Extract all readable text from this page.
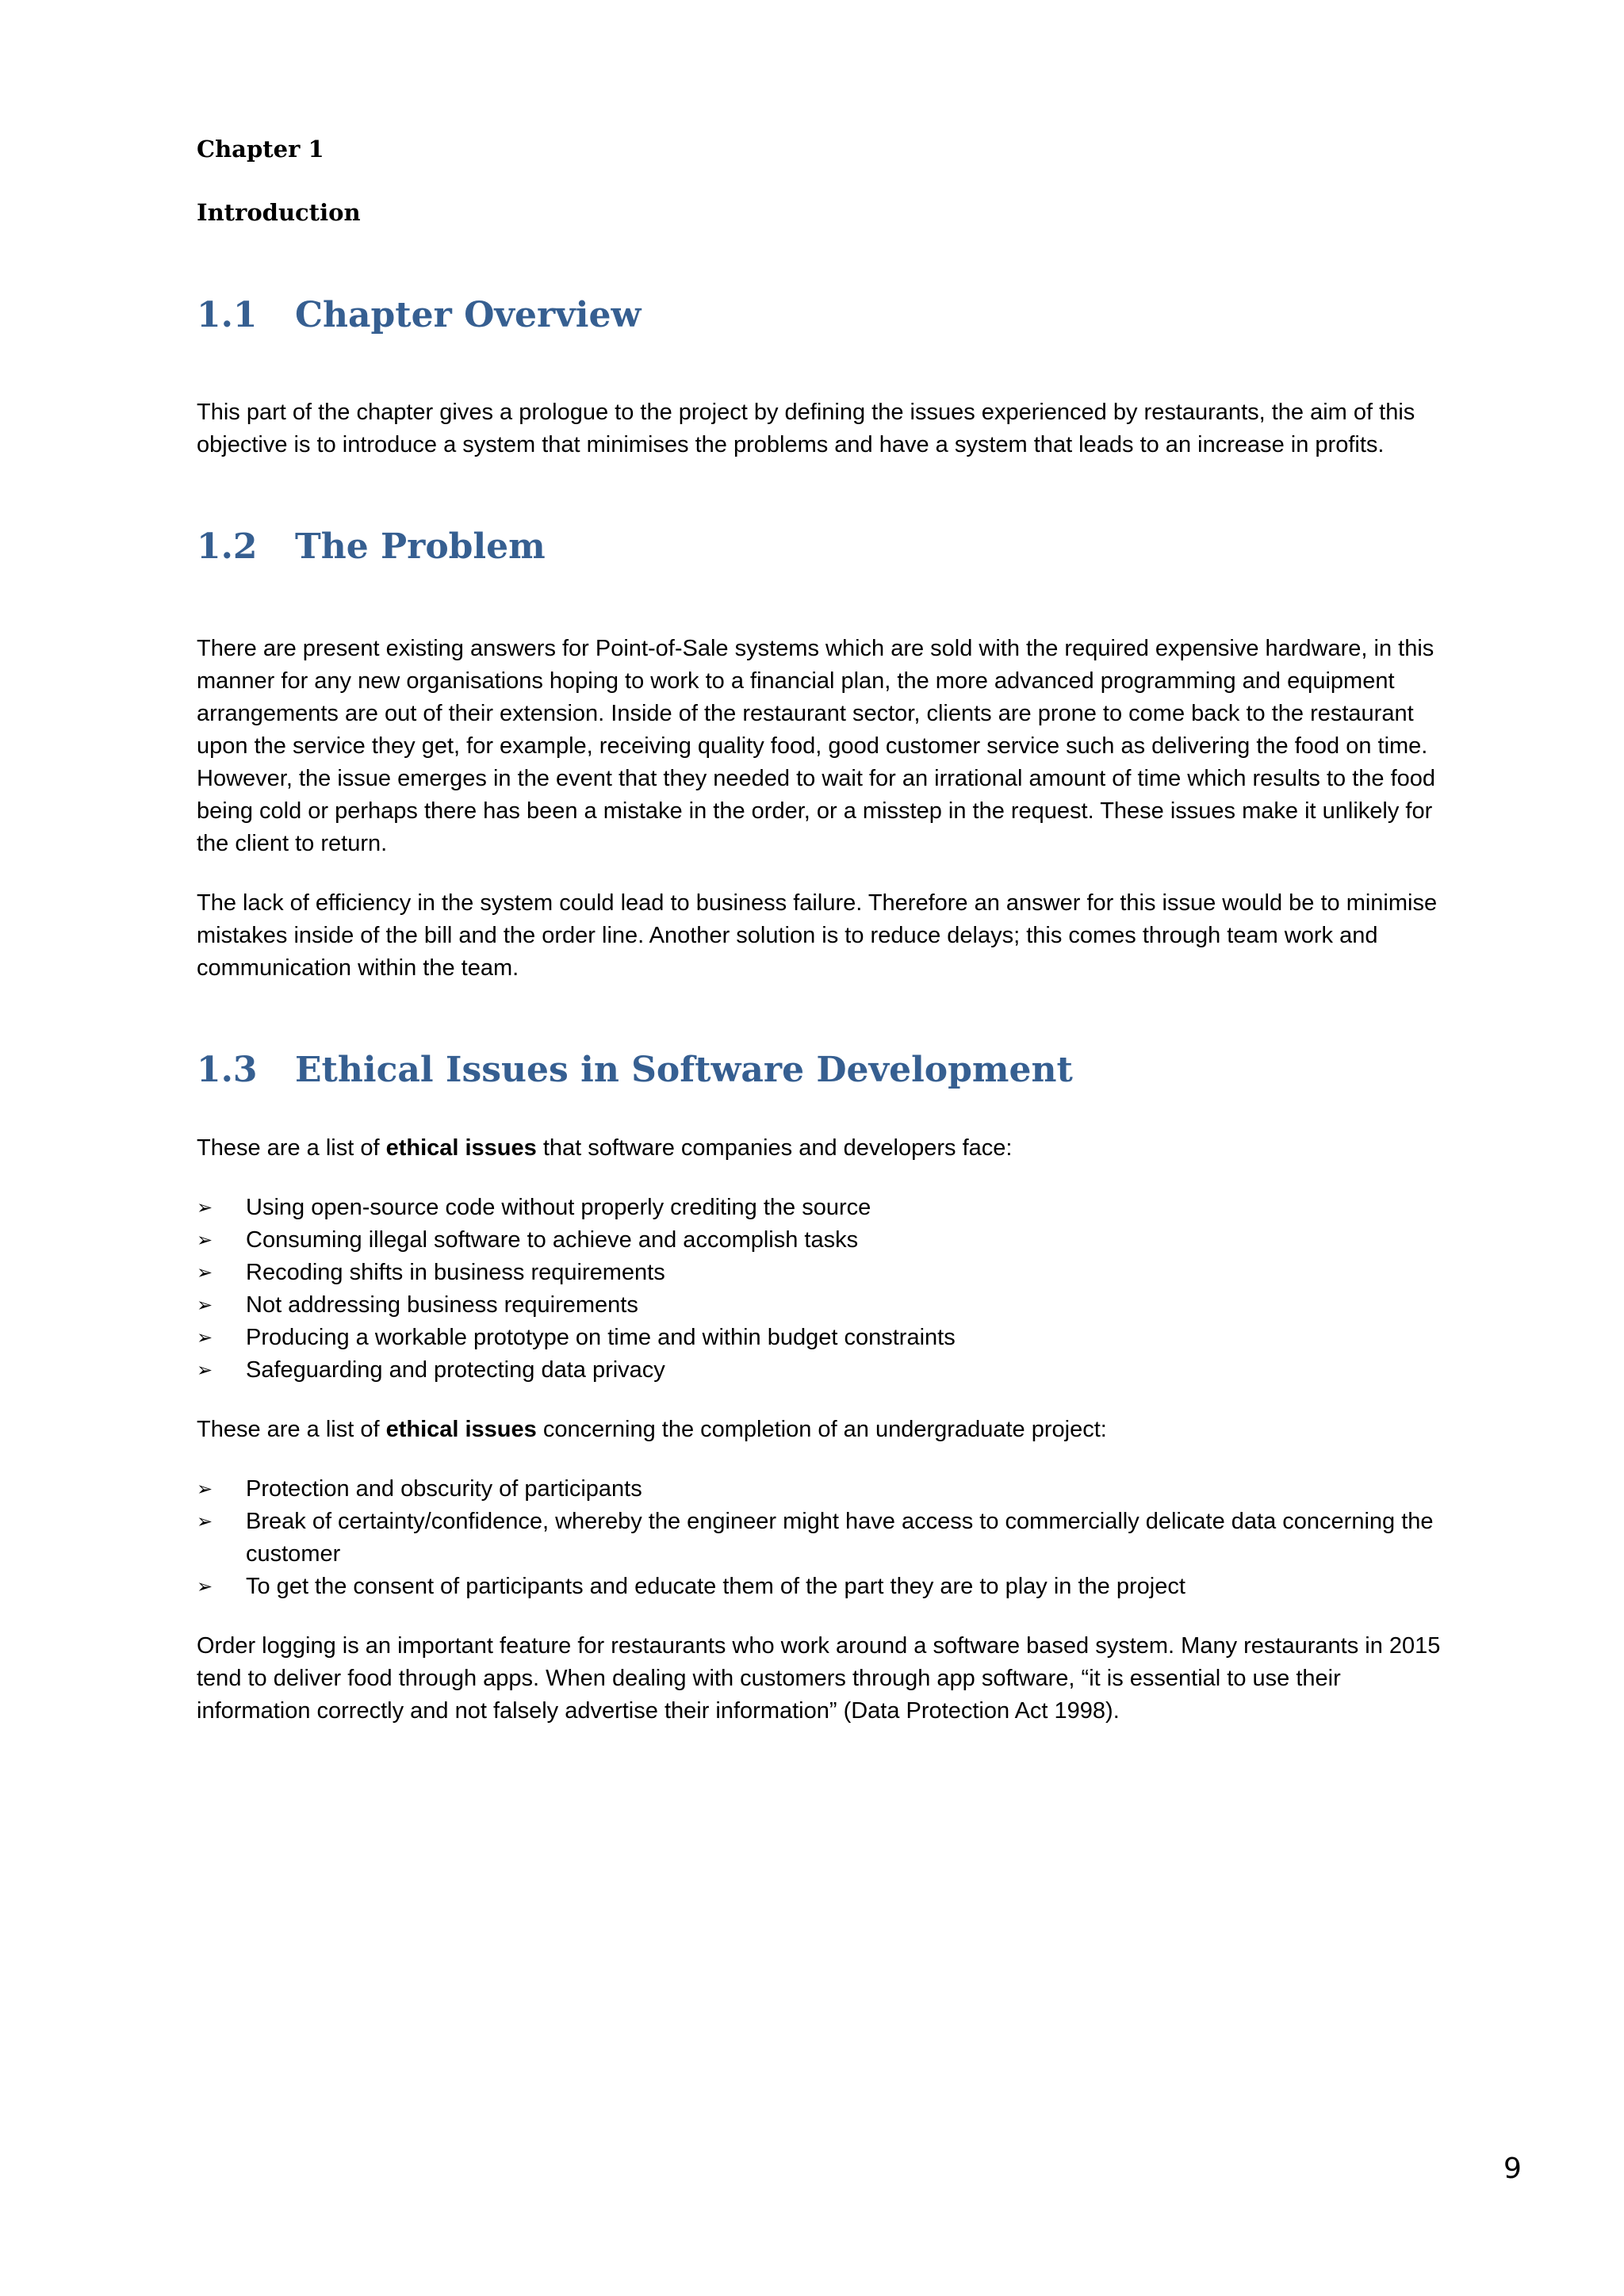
Chapter 1

Introduction

1.1	Chapter Overview

This part of the chapter gives a prologue to the project by defining the issues experienced by restaurants, the aim of this objective is to introduce a system that minimises the problems and have a system that leads to an increase in profits.

1.2	The Problem

There are present existing answers for Point-of-Sale systems which are sold with the required expensive hardware, in this manner for any new organisations hoping to work to a financial plan, the more advanced programming and equipment arrangements are out of their extension. Inside of the restaurant sector, clients are prone to come back to the restaurant upon the service they get, for example, receiving quality food, good customer service such as delivering the food on time. However, the issue emerges in the event that they needed to wait for an irrational amount of time which results to the food being cold or perhaps there has been a mistake in the order, or a misstep in the request. These issues make it unlikely for the client to return.

The lack of efficiency in the system could lead to business failure. Therefore an answer for this issue would be to minimise mistakes inside of the bill and the order line. Another solution is to reduce delays; this comes through team work and communication within the team.

1.3	Ethical Issues in Software Development

These are a list of ethical issues that software companies and developers face:

➢	Using open-source code without properly crediting the source
➢	Consuming illegal software to achieve and accomplish tasks
➢	Recoding shifts in business requirements
➢	Not addressing business requirements
➢	Producing a workable prototype on time and within budget constraints
➢	Safeguarding and protecting data privacy

These are a list of ethical issues concerning the completion of an undergraduate project:

➢	Protection and obscurity of participants
➢	Break of certainty/confidence, whereby the engineer might have access to commercially delicate data concerning the customer
➢	To get the consent of participants and educate them of the part they are to play in the project

Order logging is an important feature for restaurants who work around a software based system. Many restaurants in 2015 tend to deliver food through apps. When dealing with customers through app software, “it is essential to use their information correctly and not falsely advertise their information” (Data Protection Act 1998).

9
